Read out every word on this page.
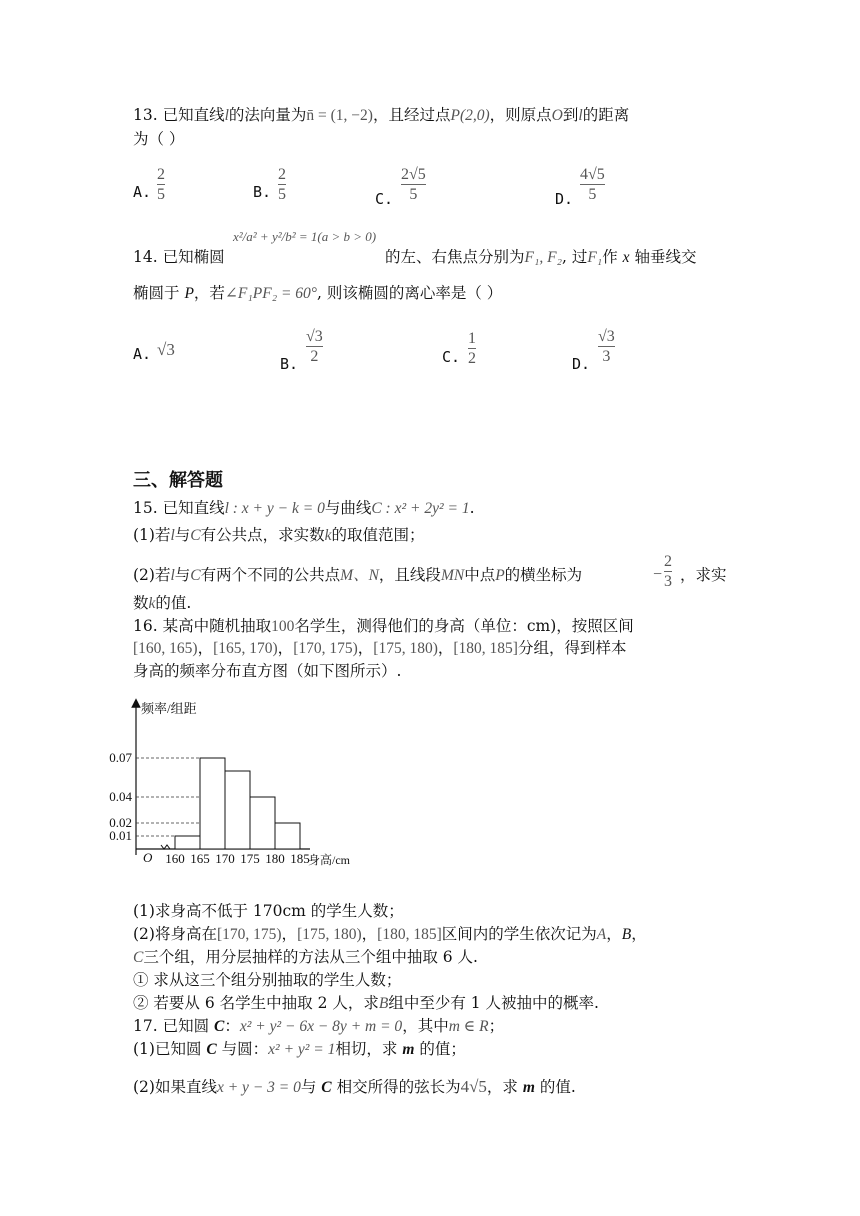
13. 已知直线l的法向量为n̄ = (1, −2)，且经过点P(2,0)，则原点O到l的距离
为（ ）
A.
2
5	B.
2
5	C.
2√5
5	D.
4√5
5
14. 已知椭圆
x²/a² + y²/b² = 1(a > b > 0)
的左、右焦点分别为F₁, F₂, 过F₁作 x 轴垂线交
椭圆于 P，若∠F₁PF₂ = 60°, 则该椭圆的离心率是（ ）
A. √3
B.
√3
2	C.
1
2	D.
√3
3
三、解答题
15. 已知直线l : x + y − k = 0与曲线C : x² + 2y² = 1.
(1)若l与C有公共点，求实数k的取值范围；
(2)若l与C有两个不同的公共点M、N，且线段MN中点P的横坐标为	−
2
3 ，求实
数k的值.
16. 某高中随机抽取100名学生，测得他们的身高（单位：cm)，按照区间
[160, 165)，[165, 170)，[170, 175)，[175, 180)，[180, 185]分组，得到样本
身高的频率分布直方图（如下图所示）.
0.01
0.02
0.04
0.07
160 165 170 175 180 185
频率/组距
身高/cm
O
(1)求身高不低于 170cm 的学生人数；
(2)将身高在[170, 175)，[175, 180)，[180, 185]区间内的学生依次记为A，B，
C三个组，用分层抽样的方法从三个组中抽取 6 人.
① 求从这三个组分别抽取的学生人数；
② 若要从 6 名学生中抽取 2 人，求B组中至少有 1 人被抽中的概率.
17. 已知圆 C：x² + y² − 6x − 8y + m = 0，其中m ∈ R；
(1)已知圆 C 与圆：x² + y² = 1相切，求 m 的值；
(2)如果直线x + y − 3 = 0与 C 相交所得的弦长为4√5，求 m 的值.
